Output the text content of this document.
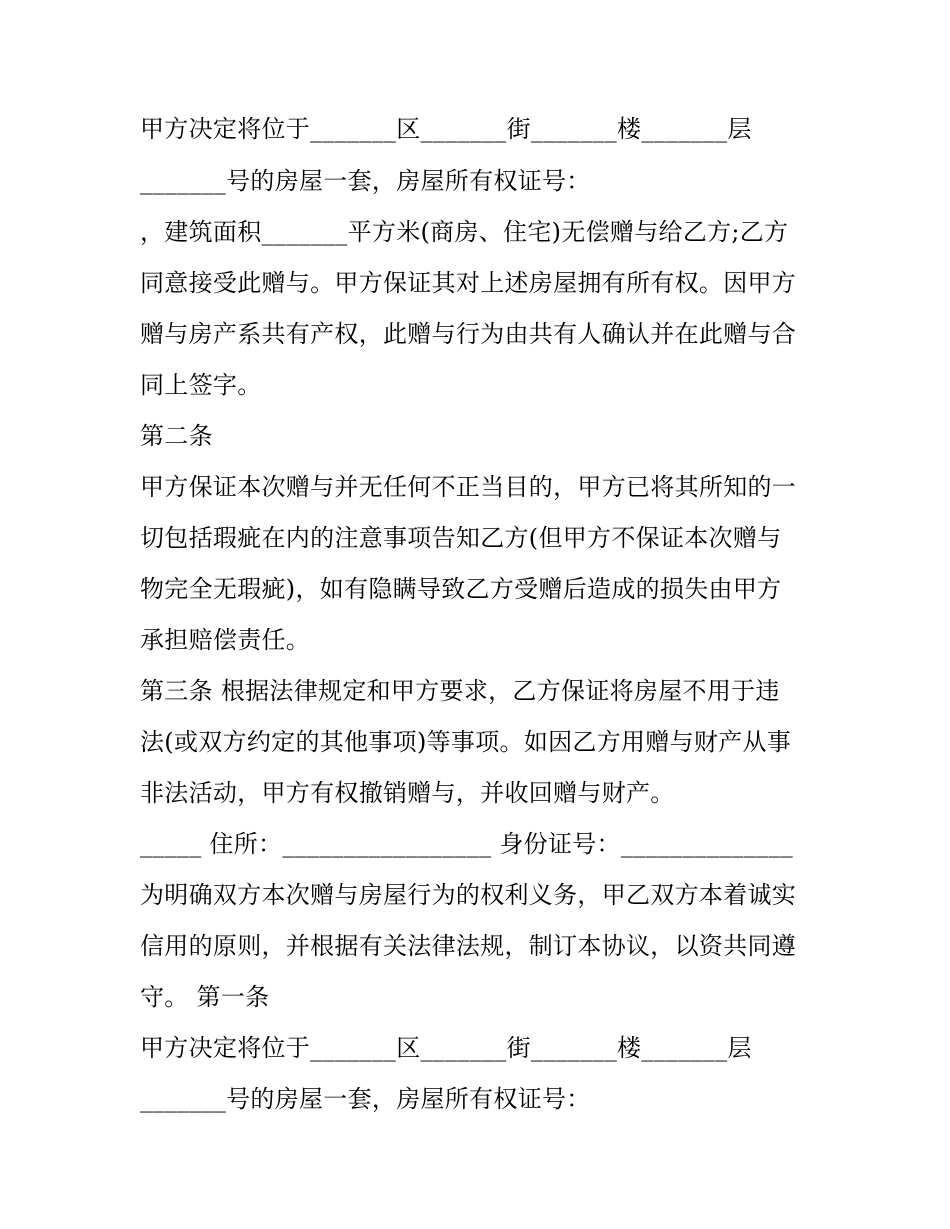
甲方决定将位于_______区_______街_______楼_______层
_______号的房屋一套，房屋所有权证号：
，建筑面积_______平方米(商房、住宅)无偿赠与给乙方;乙方
同意接受此赠与。甲方保证其对上述房屋拥有所有权。因甲方
赠与房产系共有产权，此赠与行为由共有人确认并在此赠与合
同上签字。
第二条
甲方保证本次赠与并无任何不正当目的，甲方已将其所知的一
切包括瑕疵在内的注意事项告知乙方(但甲方不保证本次赠与
物完全无瑕疵)，如有隐瞒导致乙方受赠后造成的损失由甲方
承担赔偿责任。
第三条 根据法律规定和甲方要求，乙方保证将房屋不用于违
法(或双方约定的其他事项)等事项。如因乙方用赠与财产从事
非法活动，甲方有权撤销赠与，并收回赠与财产。
_____ 住所：_________________ 身份证号：______________
为明确双方本次赠与房屋行为的权利义务，甲乙双方本着诚实
信用的原则，并根据有关法律法规，制订本协议，以资共同遵
守。 第一条
甲方决定将位于_______区_______街_______楼_______层
_______号的房屋一套，房屋所有权证号：
